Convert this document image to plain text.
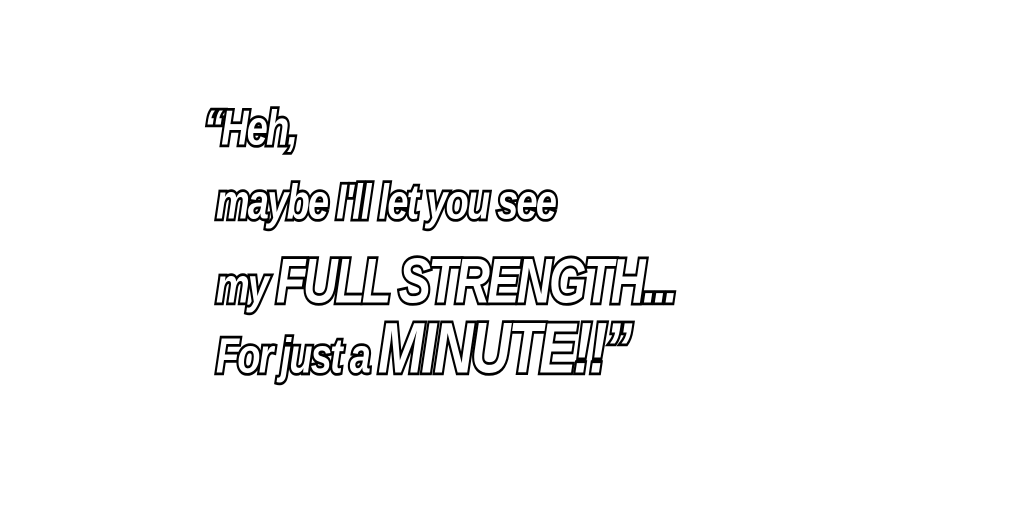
“Heh,
maybe I'll let you see
my FULL STRENGTH...
For just a MINUTE!!”
